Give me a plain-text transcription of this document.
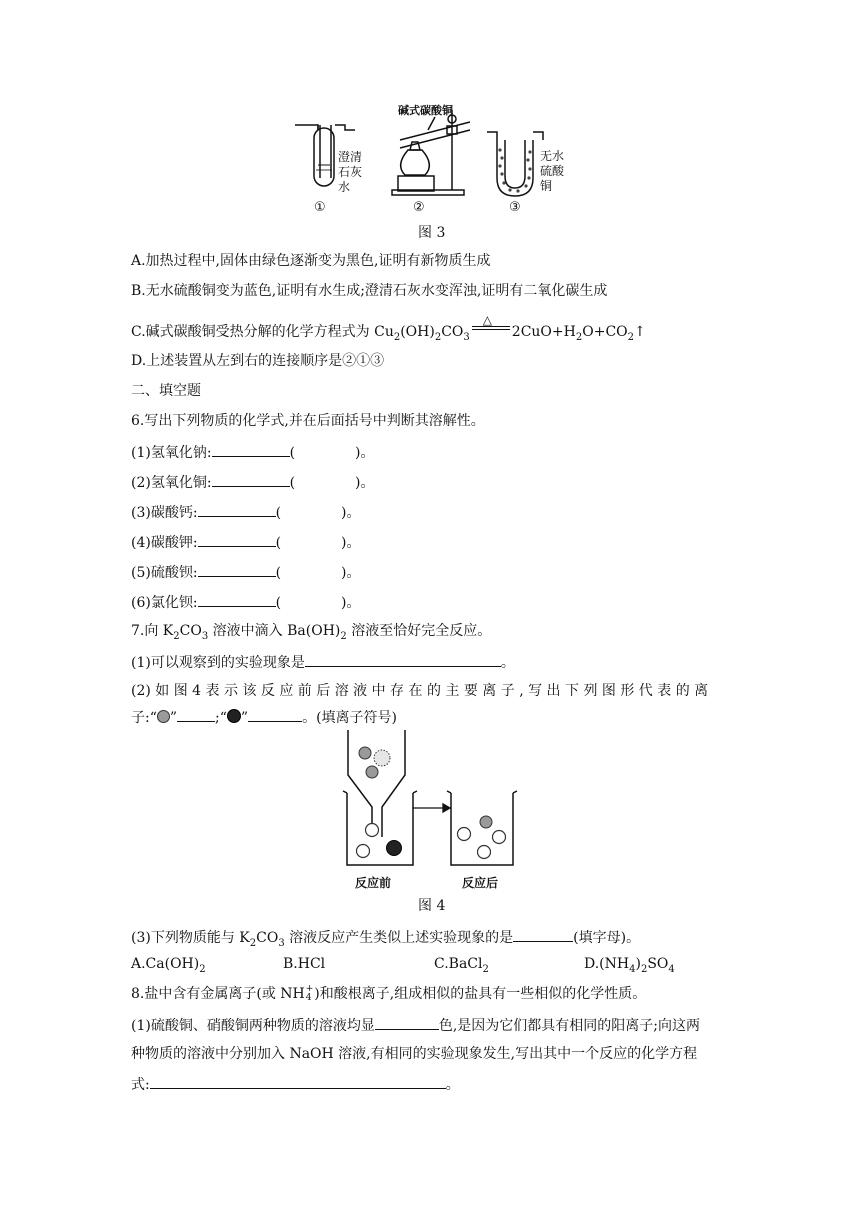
澄清
石灰
水
①
碱式碳酸铜
②
无水
硫酸
铜
③
图 3
A.加热过程中,固体由绿色逐渐变为黑色,证明有新物质生成
B.无水硫酸铜变为蓝色,证明有水生成;澄清石灰水变浑浊,证明有二氧化碳生成
C.碱式碳酸铜受热分解的化学方程式为 $Cu_2(OH)_2CO_3$
△
$2CuO+H_2O+CO_2↑$
D.上述装置从左到右的连接顺序是②①③
二、填空题
6.写出下列物质的化学式,并在后面括号中判断其溶解性。
(1)氢氧化钠:	(	)。
(2)氢氧化铜:	(	)。
(3)碳酸钙:	(	)。
(4)碳酸钾:	(	)。
(5)硫酸钡:	(	)。
(6)氯化钡:	(	)。
7.向 $K_2CO_3$ 溶液中滴入 $Ba(OH)_2$ 溶液至恰好完全反应。
(1)可以观察到的实验现象是	。
(2) 如 图 4 表 示 该 反 应 前 后 溶 液 中 存 在 的 主 要 离 子 , 写 出 下 列 图 形 代 表 的 离
子:“ ”	;“ ”	。(填离子符号)
反应前	反应后
图 4
(3)下列物质能与 $K_2CO_3$ 溶液反应产生类似上述实验现象的是	(填字母)。
$A.Ca(OH)_2$	B.HCl	C.BaCl$_2$	$D.(NH_4)_2SO_4$
8.盐中含有金属离子(或 NH +
4 )和酸根离子,组成相似的盐具有一些相似的化学性质。
(1)硫酸铜、硝酸铜两种物质的溶液均显	色,是因为它们都具有相同的阳离子;向这两
种物质的溶液中分别加入 NaOH 溶液,有相同的实验现象发生,写出其中一个反应的化学方程
式:	。
